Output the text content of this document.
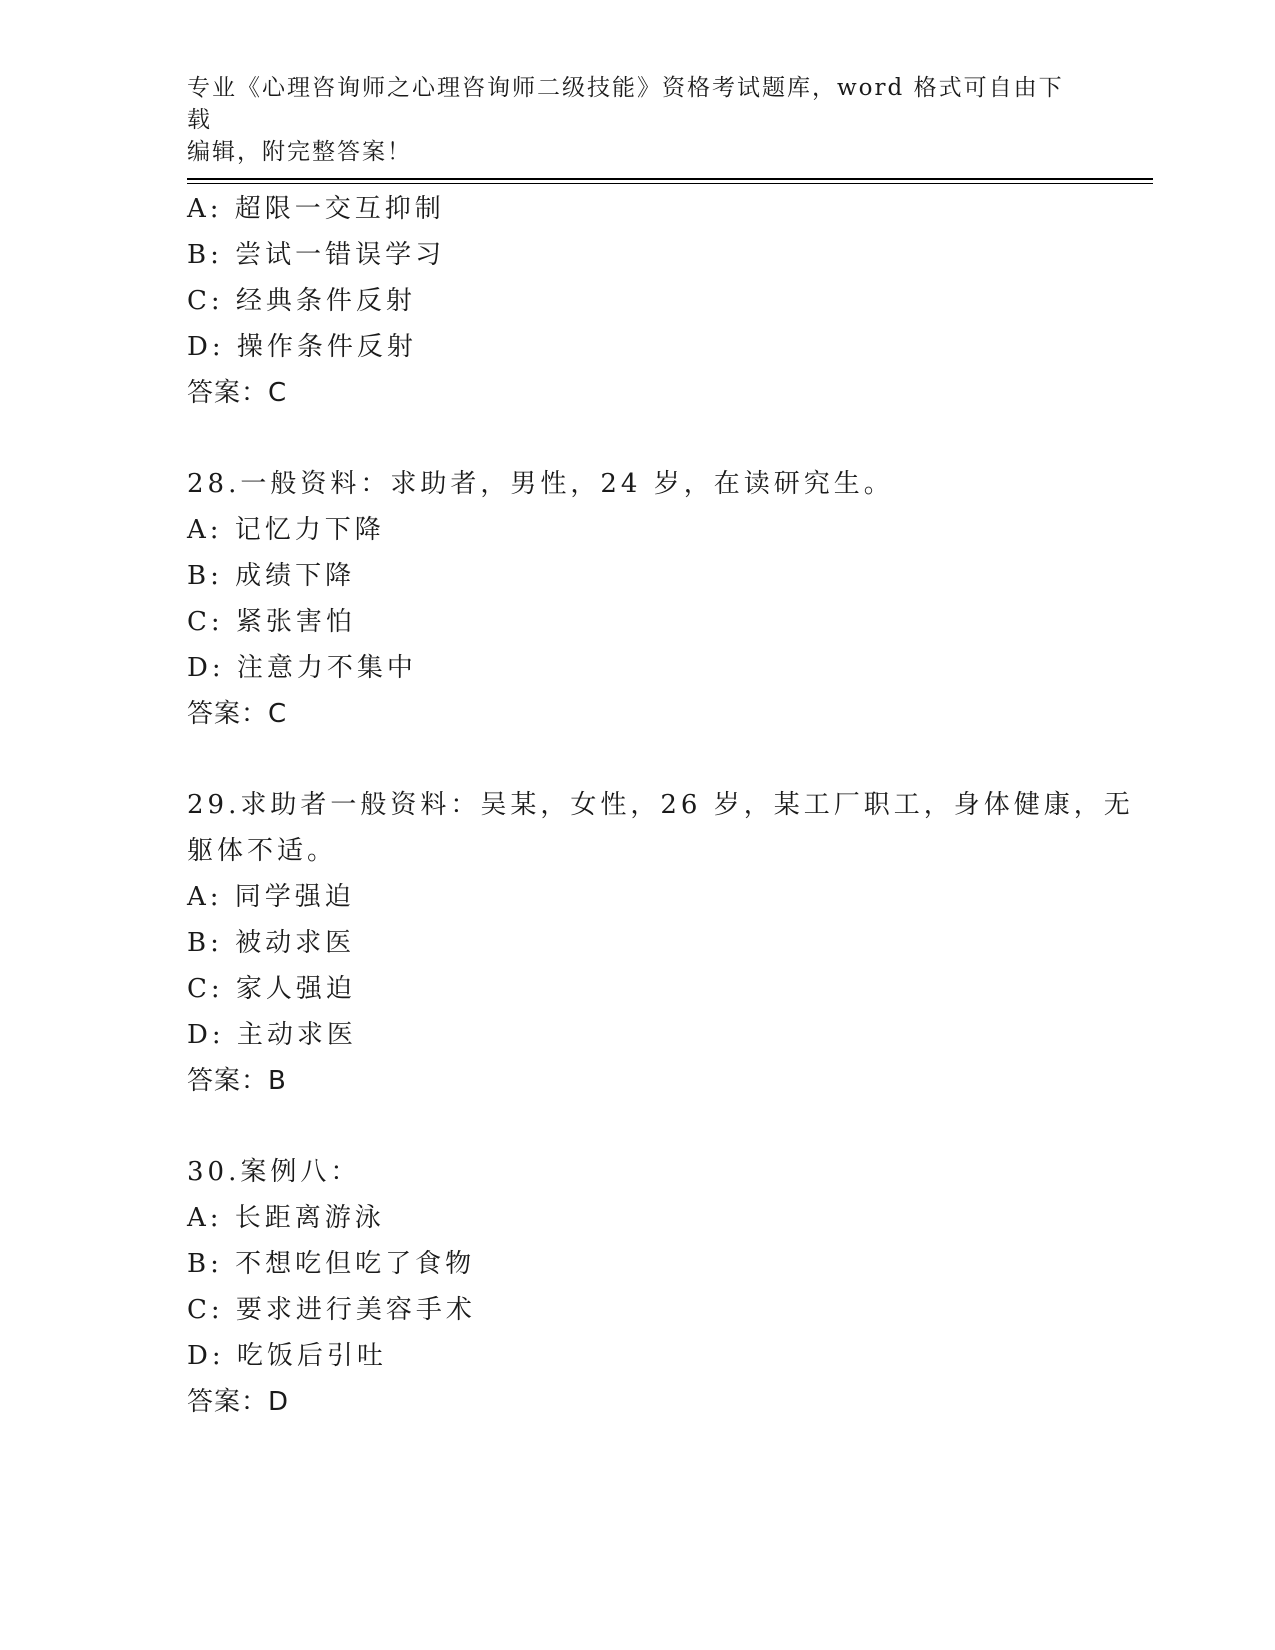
专业《心理咨询师之心理咨询师二级技能》资格考试题库，word 格式可自由下载
编辑，附完整答案！
A: 超限一交互抑制
B: 尝试一错误学习
C: 经典条件反射
D: 操作条件反射
答案：C
28.一般资料：求助者，男性，24 岁，在读研究生。
A: 记忆力下降
B: 成绩下降
C: 紧张害怕
D: 注意力不集中
答案：C
29.求助者一般资料：吴某，女性，26 岁，某工厂职工，身体健康，无
躯体不适。
A: 同学强迫
B: 被动求医
C: 家人强迫
D: 主动求医
答案：B
30.案例八：
A: 长距离游泳
B: 不想吃但吃了食物
C: 要求进行美容手术
D: 吃饭后引吐
答案：D
